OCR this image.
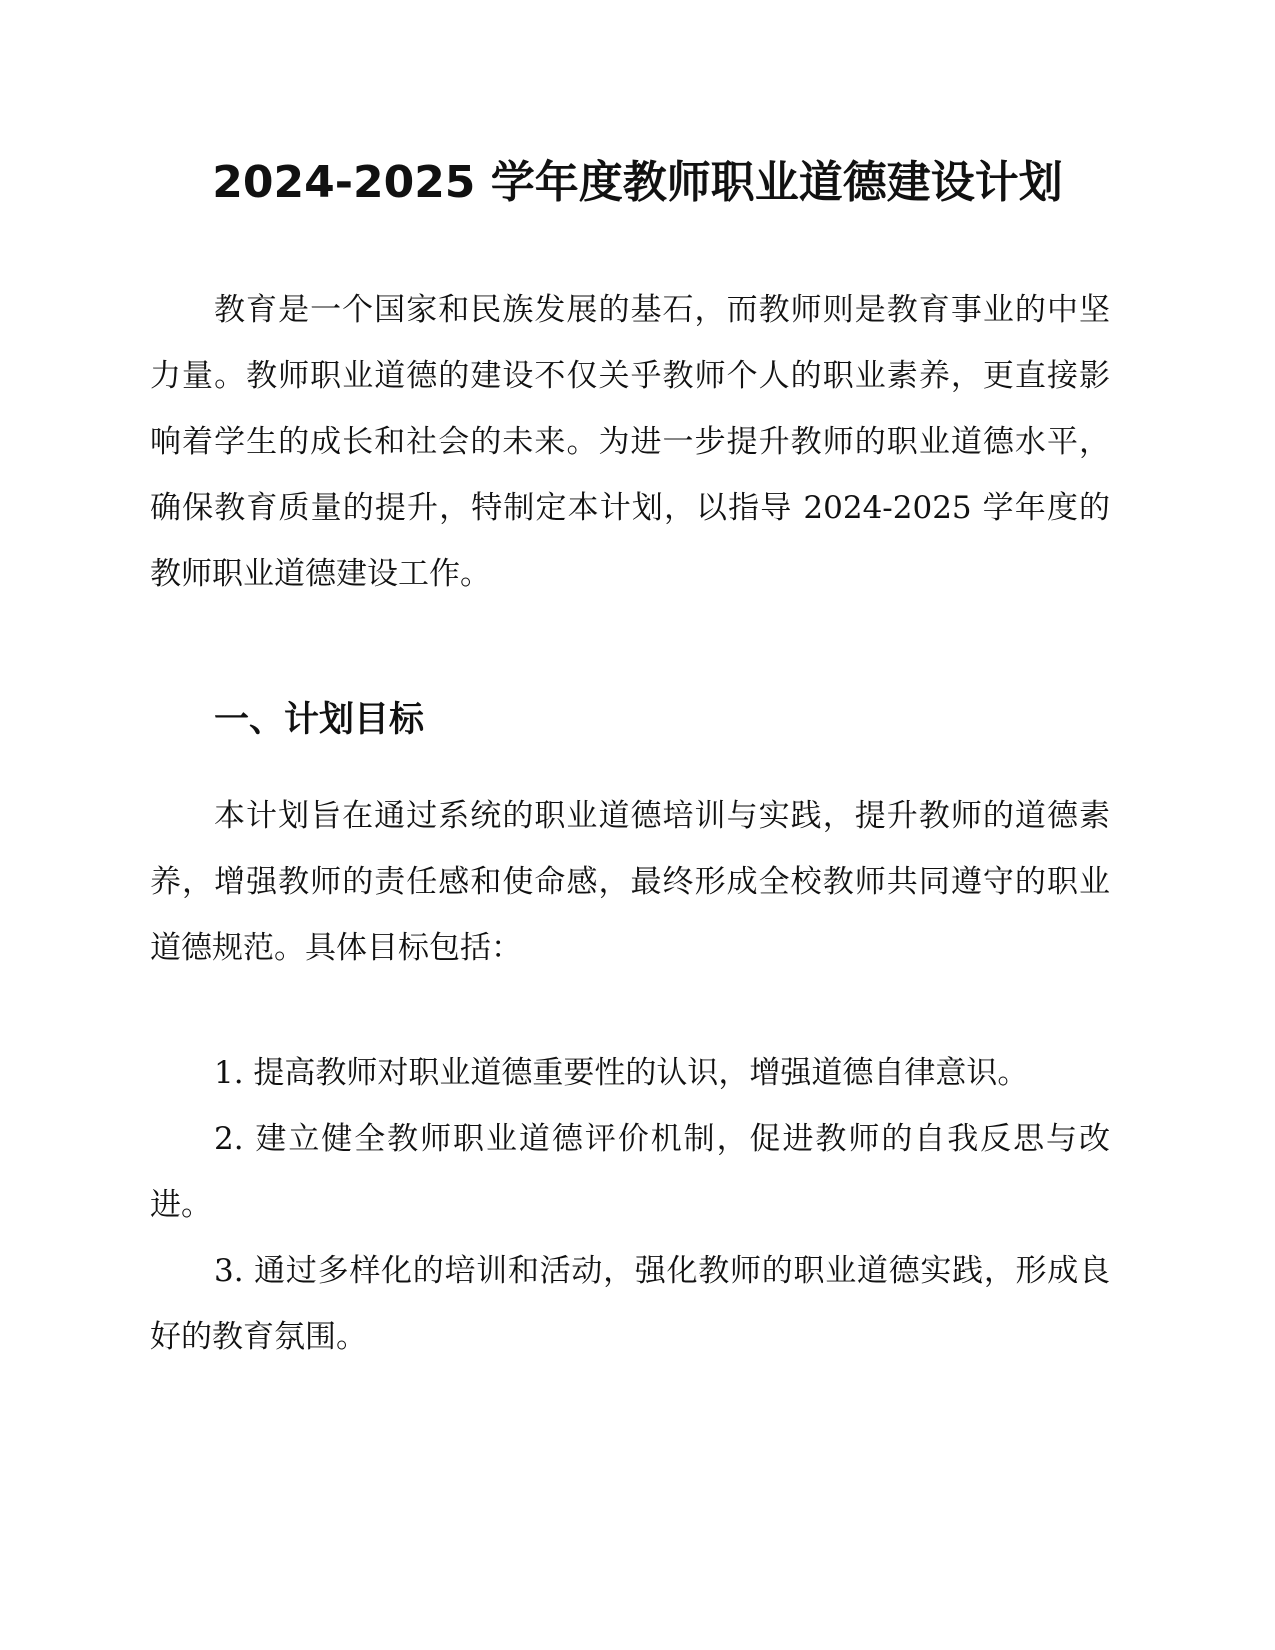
2024-2025 学年度教师职业道德建设计划

教育是一个国家和民族发展的基石，而教师则是教育事业的中坚力量。教师职业道德的建设不仅关乎教师个人的职业素养，更直接影响着学生的成长和社会的未来。为进一步提升教师的职业道德水平，确保教育质量的提升，特制定本计划，以指导 2024-2025 学年度的教师职业道德建设工作。

一、计划目标

本计划旨在通过系统的职业道德培训与实践，提升教师的道德素养，增强教师的责任感和使命感，最终形成全校教师共同遵守的职业道德规范。具体目标包括：

1. 提高教师对职业道德重要性的认识，增强道德自律意识。

2. 建立健全教师职业道德评价机制，促进教师的自我反思与改进。

3. 通过多样化的培训和活动，强化教师的职业道德实践，形成良好的教育氛围。
